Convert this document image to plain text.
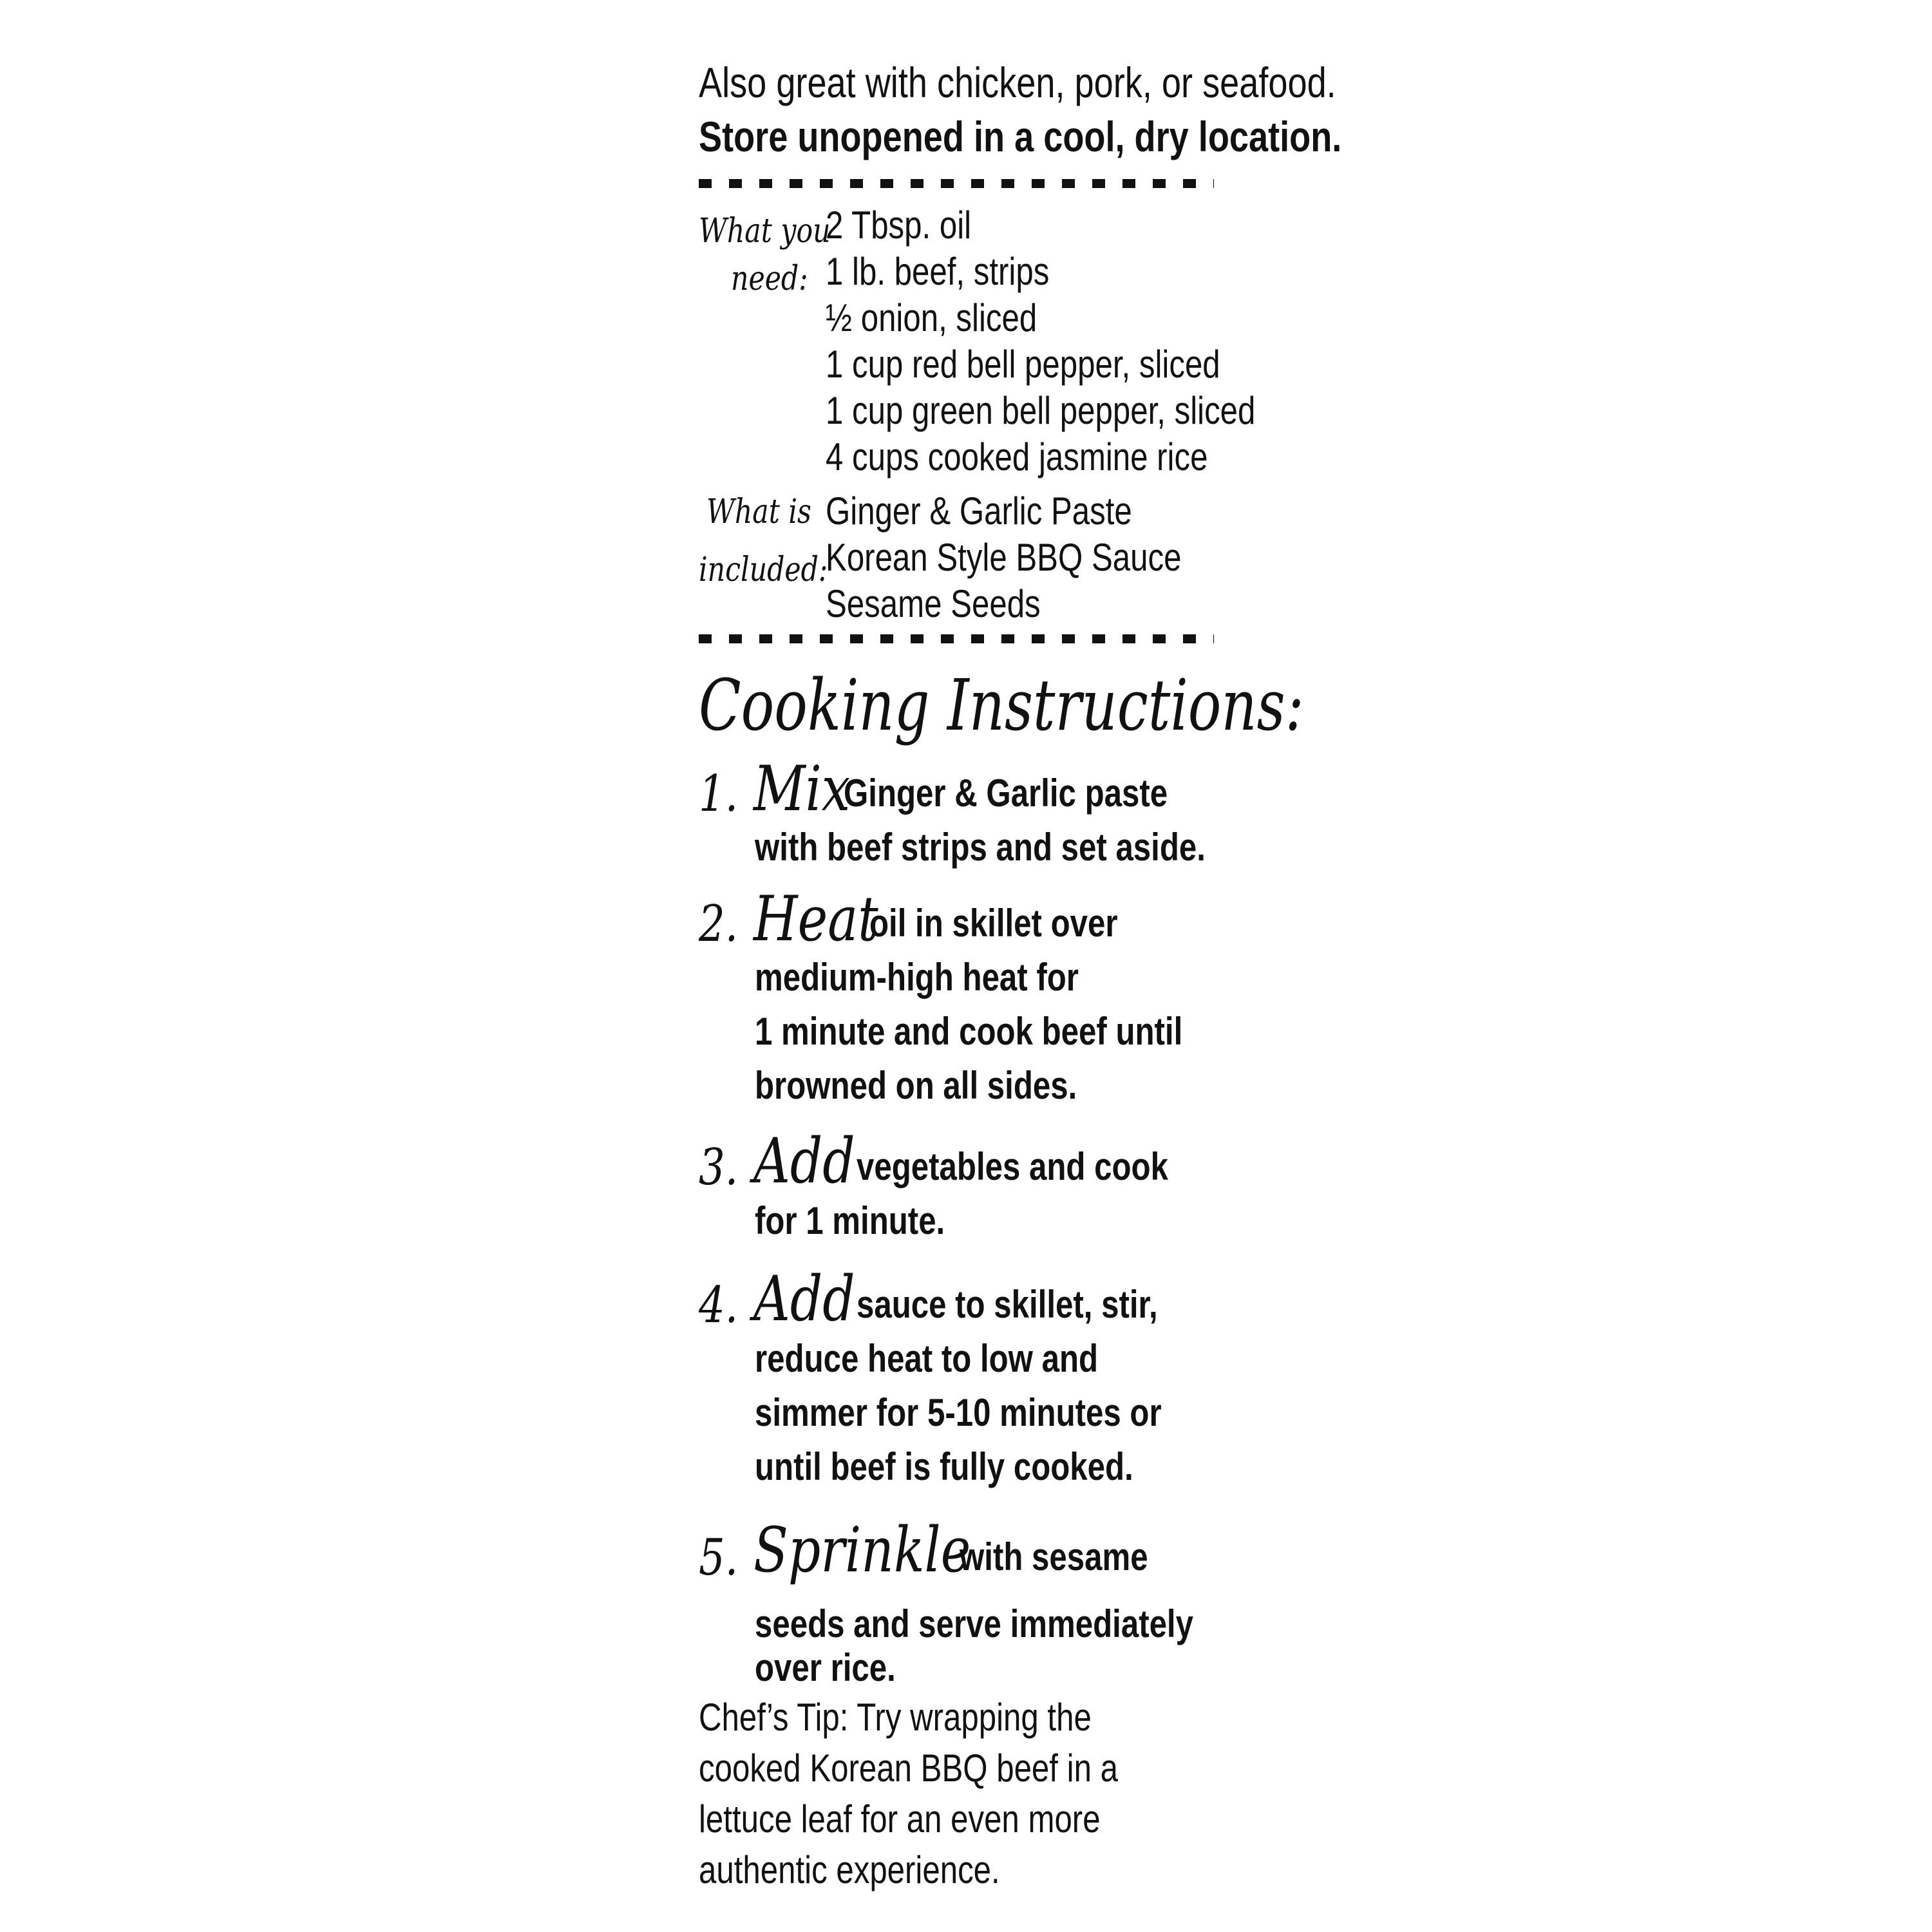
Also great with chicken, pork, or seafood.
Store unopened in a cool, dry location.
What you
need:
2 Tbsp. oil
1 lb. beef, strips
½ onion, sliced
1 cup red bell pepper, sliced
1 cup green bell pepper, sliced
4 cups cooked jasmine rice
What is
included:
Ginger & Garlic Paste
Korean Style BBQ Sauce
Sesame Seeds
Cooking Instructions:
1. Mix
Ginger & Garlic paste
with beef strips and set aside.
2. Heat
oil in skillet over
medium-high heat for
1 minute and cook beef until
browned on all sides.
3. Add vegetables and cook
for 1 minute.
4. Add sauce to skillet, stir,
reduce heat to low and
simmer for 5-10 minutes or
until beef is fully cooked.
5. Sprinkle
with sesame
seeds and serve immediately
over rice.
Chef’s Tip: Try wrapping the
cooked Korean BBQ beef in a
lettuce leaf for an even more
authentic experience.
